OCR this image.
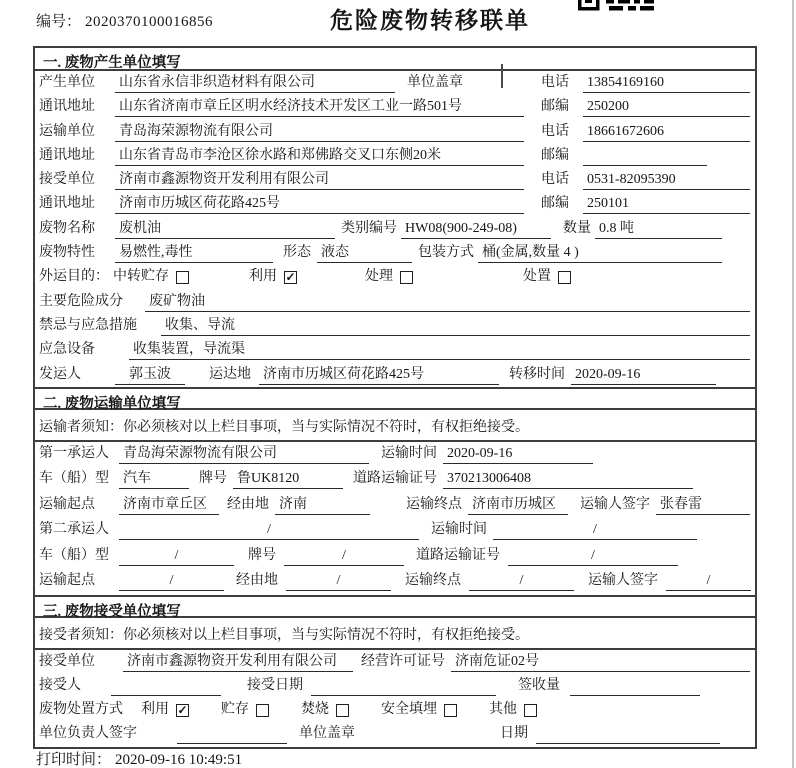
编号： 2020370100016856	危险废物转移联单
一. 废物产生单位填写
产生单位	山东省永信非织造材料有限公司	单位盖章	电话 13854169160
通讯地址	山东省济南市章丘区明水经济技术开发区工业一路501号	邮编 250200
运输单位	青岛海荣源物流有限公司	电话 18661672606
通讯地址	山东省青岛市李沧区徐水路和郑佛路交叉口东侧20米	邮编
接受单位	济南市鑫源物资开发利用有限公司	电话 0531-82095390
通讯地址	济南市历城区荷花路425号	邮编 250101
废物名称	废机油	类别编号 HW08(900-249-08)	数量 0.8 吨
废物特性	易燃性,毒性	形态 液态	包装方式 桶(金属,数量 4 )
外运目的： 中转贮存	利用 ✓	处理	处置
主要危险成分	废矿物油
禁忌与应急措施	收集、导流
应急设备	收集装置，导流渠
发运人	郭玉波	运达地 济南市历城区荷花路425号	转移时间 2020-09-16
二. 废物运输单位填写
运输者须知：你必须核对以上栏目事项，当与实际情况不符时，有权拒绝接受。
第一承运人	青岛海荣源物流有限公司	运输时间 2020-09-16
车（船）型	汽车	牌号 鲁UK8120	道路运输证号 370213006408
运输起点	济南市章丘区	经由地 济南	运输终点 济南市历城区	运输人签字 张春雷
第二承运人	/	运输时间	/
车（船）型	/	牌号	/	道路运输证号	/
运输起点	/	经由地	/	运输终点	/	运输人签字	/
三. 废物接受单位填写
接受者须知：你必须核对以上栏目事项，当与实际情况不符时，有权拒绝接受。
接受单位	济南市鑫源物资开发利用有限公司	经营许可证号 济南危证02号
接受人	接受日期	签收量
废物处置方式	利用 ✓ 贮存	焚烧	安全填埋	其他
单位负责人签字	单位盖章	日期
打印时间： 2020-09-16 10:49:51
